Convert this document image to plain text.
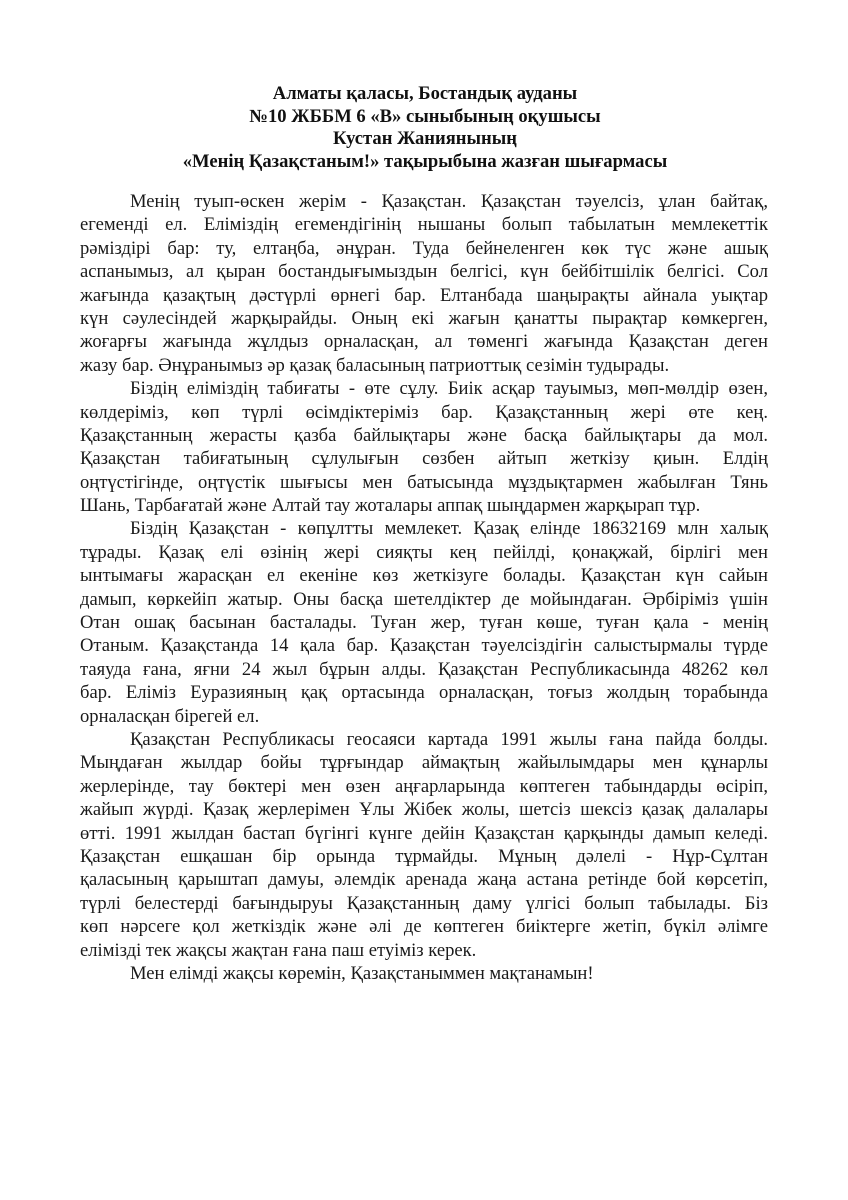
Алматы қаласы, Бостандық ауданы
№10 ЖББМ 6 «В» сыныбының оқушысы
Кустан Жаниянының
«Менің Қазақстаным!» тақырыбына жазған шығармасы
Менің туып-өскен жерім - Қазақстан. Қазақстан тәуелсіз, ұлан байтақ,
егеменді ел. Еліміздің егемендігінің нышаны болып табылатын мемлекеттік
рәміздірі бар: ту, елтаңба, әнұран. Туда бейнеленген көк түс және ашық
аспанымыз, ал қыран бостандығымыздын белгісі, күн бейбітшілік белгісі. Сол
жағында қазақтың дәстүрлі өрнегі бар. Елтанбада шаңырақты айнала уықтар
күн сәулесіндей жарқырайды. Оның екі жағын қанатты пырақтар көмкерген,
жоғарғы жағында жұлдыз орналасқан, ал төменгі жағында Қазақстан деген
жазу бар. Әнұранымыз әр қазақ баласының патриоттық сезімін тудырады.
Біздің еліміздің табиғаты - өте сұлу. Биік асқар тауымыз, мөп-мөлдір өзен,
көлдеріміз, көп түрлі өсімдіктеріміз бар. Қазақстанның жері өте кең.
Қазақстанның жерасты қазба байлықтары және басқа байлықтары да мол.
Қазақстан табиғатының сұлулығын сөзбен айтып жеткізу қиын. Елдің
оңтүстігінде, оңтүстік шығысы мен батысында мұздықтармен жабылған Тянь
Шань, Тарбағатай және Алтай тау жоталары аппақ шыңдармен жарқырап тұр.
Біздің Қазақстан - көпұлтты мемлекет. Қазақ елінде 18632169 млн халық
тұрады. Қазақ елі өзінің жері сияқты кең пейілді, қонақжай, бірлігі мен
ынтымағы жарасқан ел екеніне көз жеткізуге болады. Қазақстан күн сайын
дамып, көркейіп жатыр. Оны басқа шетелдіктер де мойындаған. Әрбіріміз үшін
Отан ошақ басынан басталады. Туған жер, туған көше, туған қала - менің
Отаным. Қазақстанда 14 қала бар. Қазақстан тәуелсіздігін салыстырмалы түрде
таяуда ғана, яғни 24 жыл бұрын алды. Қазақстан Республикасында 48262 көл
бар. Еліміз Еуразияның қақ ортасында орналасқан, тоғыз жолдың торабында
орналасқан бірегей ел.
Қазақстан Республикасы геосаяси картада 1991 жылы ғана пайда болды.
Мыңдаған жылдар бойы тұрғындар аймақтың жайылымдары мен құнарлы
жерлерінде, тау бөктері мен өзен аңғарларында көптеген табындарды өсіріп,
жайып жүрді. Қазақ жерлерімен Ұлы Жібек жолы, шетсіз шексіз қазақ далалары
өтті. 1991 жылдан бастап бүгінгі күнге дейін Қазақстан қарқынды дамып келеді.
Қазақстан ешқашан бір орында тұрмайды. Мұның дәлелі - Нұр-Сұлтан
қаласының қарыштап дамуы, әлемдік аренада жаңа астана ретінде бой көрсетіп,
түрлі белестерді бағындыруы Қазақстанның даму үлгісі болып табылады. Біз
көп нәрсеге қол жеткіздік және әлі де көптеген биіктерге жетіп, бүкіл әлімге
елімізді тек жақсы жақтан ғана паш етуіміз керек.
Мен елімді жақсы көремін, Қазақстаныммен мақтанамын!
